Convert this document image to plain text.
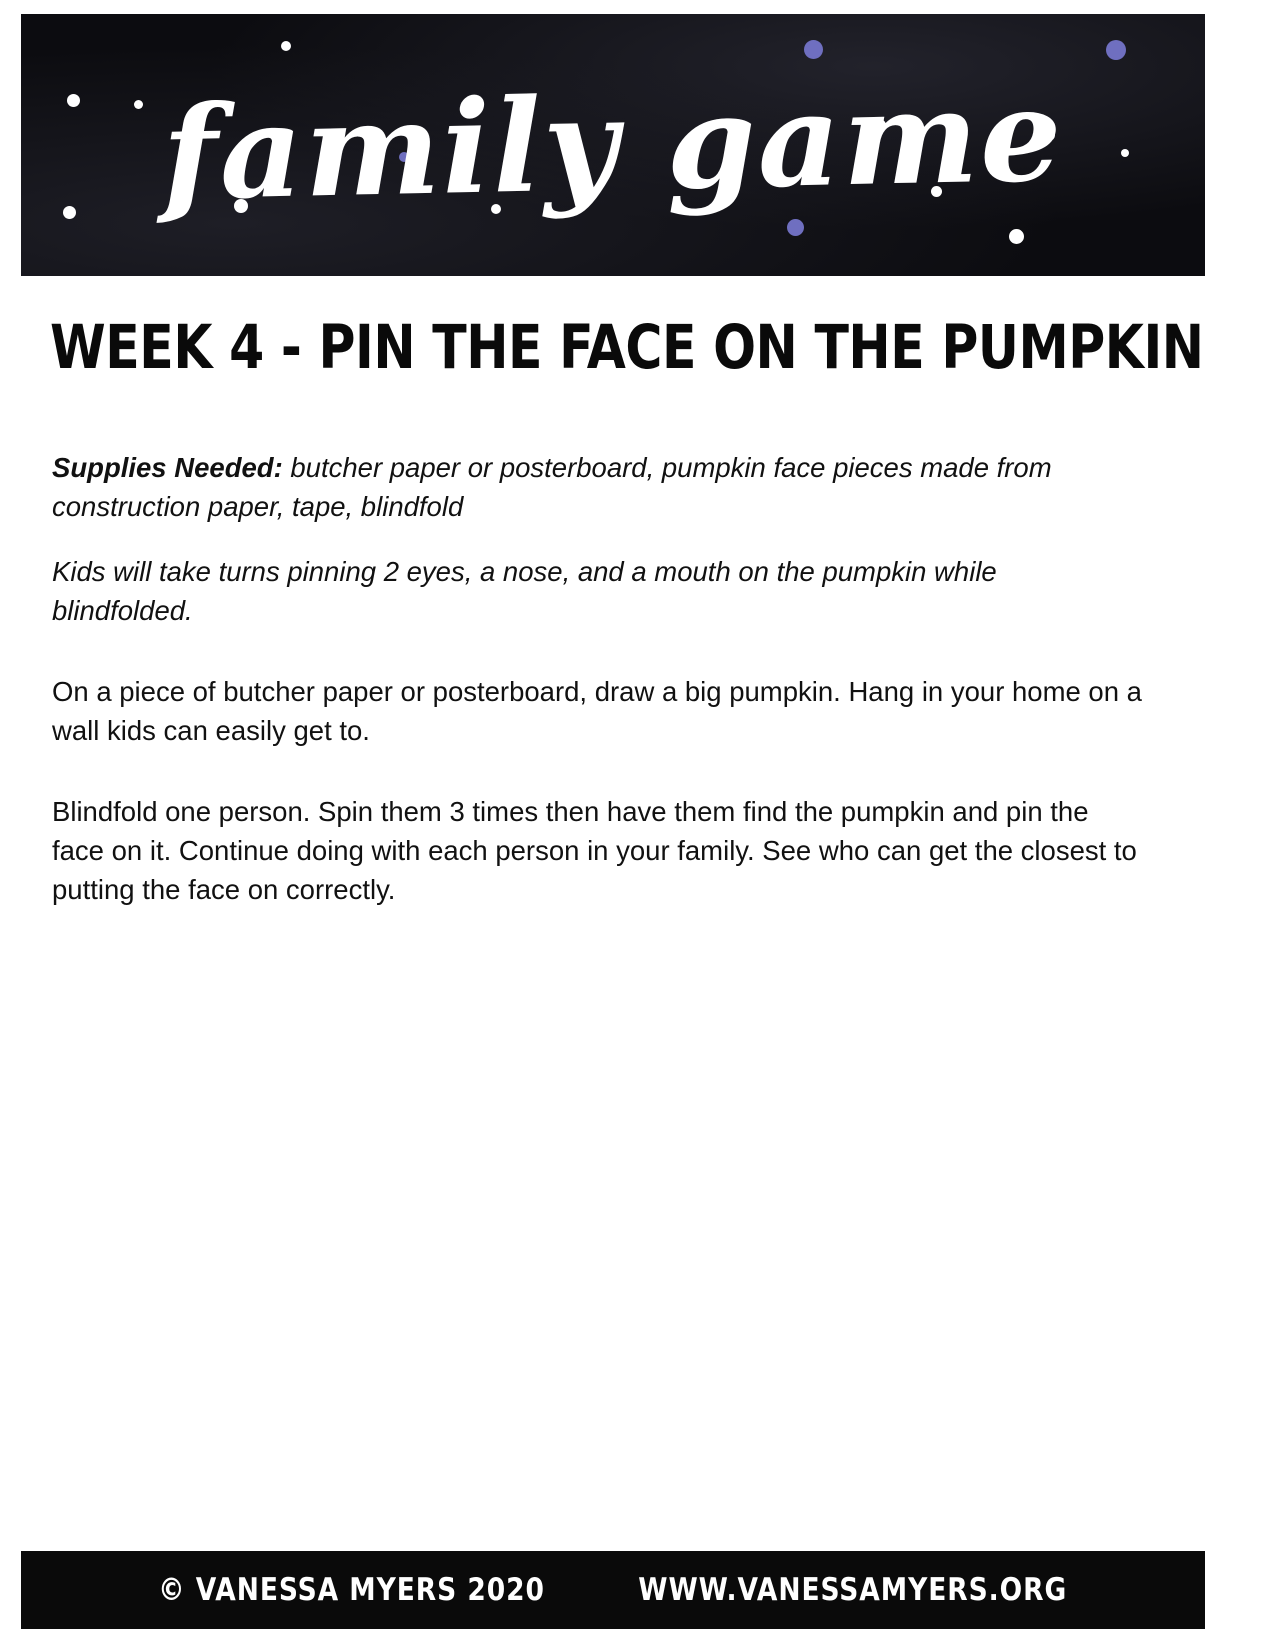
family game
WEEK 4 - PIN THE FACE ON THE PUMPKIN

Supplies Needed: butcher paper or posterboard, pumpkin face pieces made from construction paper, tape, blindfold

Kids will take turns pinning 2 eyes, a nose, and a mouth on the pumpkin while blindfolded.

On a piece of butcher paper or posterboard, draw a big pumpkin. Hang in your home on a wall kids can easily get to.

Blindfold one person. Spin them 3 times then have them find the pumpkin and pin the face on it. Continue doing with each person in your family. See who can get the closest to putting the face on correctly.

© VANESSA MYERS 2020	WWW.VANESSAMYERS.ORG
